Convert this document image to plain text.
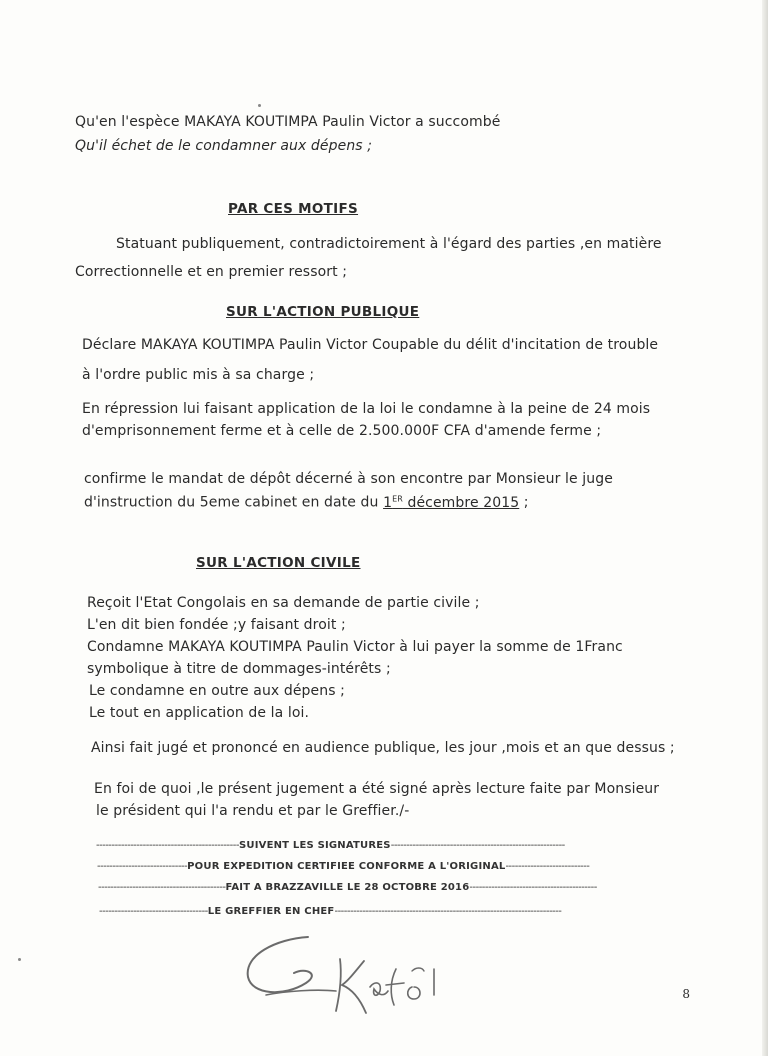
Qu'en l'espèce MAKAYA KOUTIMPA Paulin Victor a succombé
Qu'il échet de le condamner aux dépens ;
PAR CES MOTIFS
Statuant publiquement, contradictoirement à l'égard des parties ,en matière
Correctionnelle et en premier ressort ;
SUR L'ACTION PUBLIQUE
Déclare MAKAYA KOUTIMPA Paulin Victor Coupable du délit d'incitation de trouble
à l'ordre public mis à sa charge ;
En répression lui faisant application de la loi le condamne à la peine de 24 mois
d'emprisonnement ferme et à celle de 2.500.000F CFA d'amende ferme ;
confirme le mandat de dépôt décerné à son encontre par Monsieur le juge
d'instruction du 5eme cabinet en date du 1ER décembre 2015 ;
SUR L'ACTION CIVILE
Reçoit l'Etat Congolais en sa demande de partie civile ;
L'en dit bien fondée ;y faisant droit ;
Condamne MAKAYA KOUTIMPA Paulin Victor à lui payer la somme de 1Franc
symbolique à titre de dommages-intérêts ;
Le condamne en outre aux dépens ;
Le tout en application de la loi.
Ainsi fait jugé et prononcé en audience publique, les jour ,mois et an que dessus ;
En foi de quoi ,le présent jugement a été signé après lecture faite par Monsieur
le président qui l'a rendu et par le Greffier./-
----------------------------------------------SUIVENT LES SIGNATURES--------------------------------------------------------
-----------------------------POUR EXPEDITION CERTIFIEE CONFORME A L'ORIGINAL---------------------------
-----------------------------------------FAIT A BRAZZAVILLE LE 28 OCTOBRE 2016-----------------------------------------
-----------------------------------LE GREFFIER EN CHEF-------------------------------------------------------------------------
8
